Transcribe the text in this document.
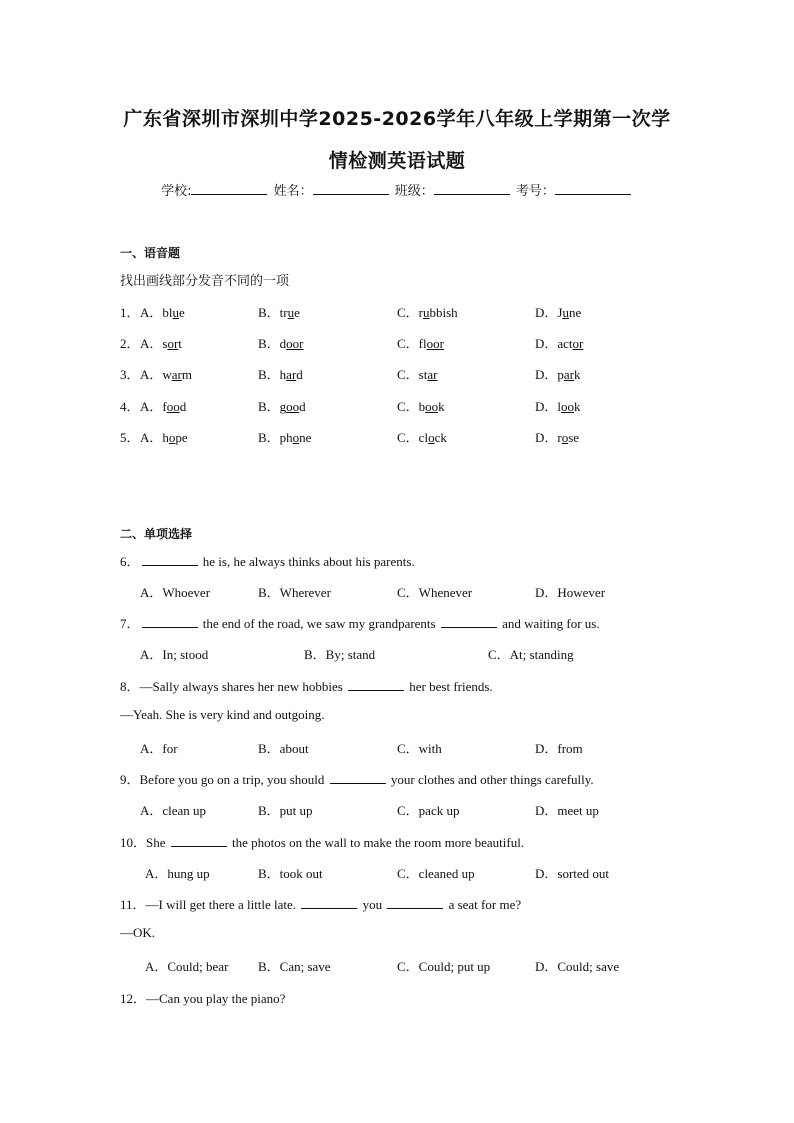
广东省深圳市深圳中学2025-2026学年八年级上学期第一次学
情检测英语试题
学校:	姓名：	班级：	考号：
一、语音题
找出画线部分发音不同的一项
1． A．blue	B．true	C．rubbish	D．June
2． A．sort	B．door	C．floor	D．actor
3． A．warm	B．hard	C．star	D．park
4． A．food	B．good	C．book	D．look
5． A．hope	B．phone	C．clock	D．rose
二、单项选择
6．	he is, he always thinks about his parents.
A．Whoever	B．Wherever	C．Whenever	D．However
7．	the end of the road, we saw my grandparents	and waiting for us.
A．In; stood	B．By; stand	C．At; standing
8．—Sally always shares her new hobbies	her best friends.
—Yeah. She is very kind and outgoing.
A．for	B．about	C．with	D．from
9．Before you go on a trip, you should	your clothes and other things carefully.
A．clean up	B．put up	C．pack up	D．meet up
10．She	the photos on the wall to make the room more beautiful.
A．hung up	B．took out	C．cleaned up	D．sorted out
11．—I will get there a little late.	you	a seat for me?
—OK.
A．Could; bear B．Can; save	C．Could; put up	D．Could; save
12．—Can you play the piano?
